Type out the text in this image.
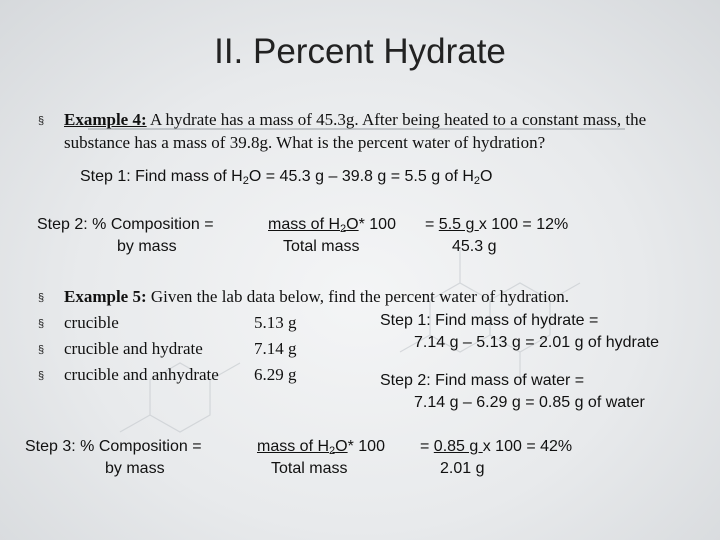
II. Percent Hydrate
§ Example 4: A hydrate has a mass of 45.3g. After being heated to a constant mass, the
substance has a mass of 39.8g. What is the percent water of hydration?
Step 1: Find mass of $H_2O = 45.3$ g – 39.8 g = 5.5 g of $H_2O$
Step 2: % Composition =
by mass
mass of $H_2O*$ 100
Total mass
= 5.5 g x 100 = 12%
45.3 g
§ Example 5: Given the lab data below, find the percent water of hydration.
§ crucible	5.13 g
§ crucible and hydrate	7.14 g
§ crucible and anhydrate 6.29 g
Step 1: Find mass of hydrate =
7.14 g – 5.13 g = 2.01 g of hydrate
Step 2: Find mass of water =
7.14 g – 6.29 g = 0.85 g of water
Step 3: % Composition =
by mass
mass of $H_2O*$ 100
Total mass
= 0.85 g x 100 = 42%
2.01 g
